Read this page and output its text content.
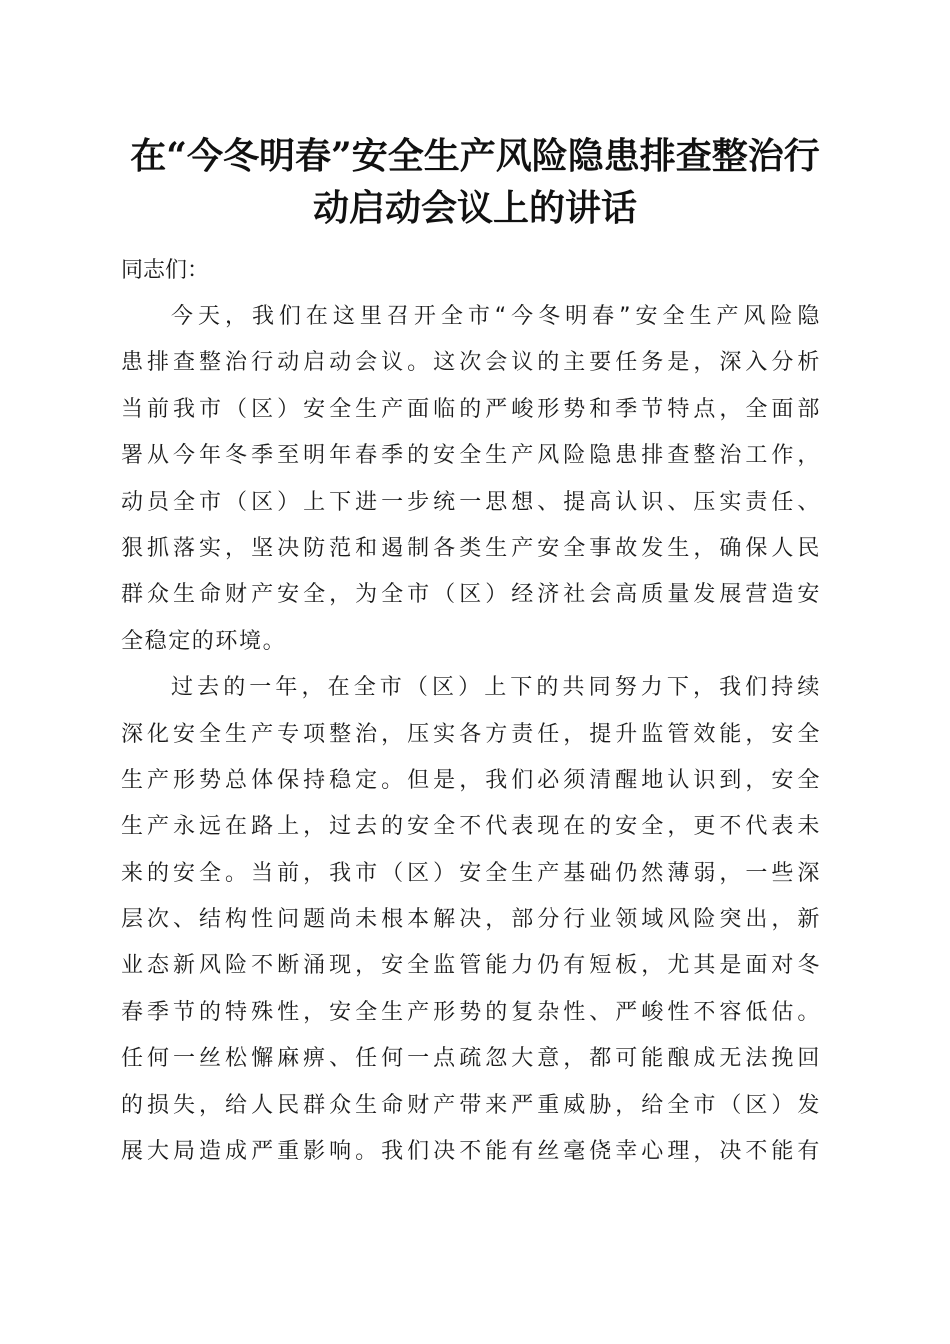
在“今冬明春”安全生产风险隐患排查整治行
动启动会议上的讲话

同志们：

今天，我们在这里召开全市“今冬明春”安全生产风险隐
患排查整治行动启动会议。这次会议的主要任务是，深入分析
当前我市（区）安全生产面临的严峻形势和季节特点，全面部
署从今年冬季至明年春季的安全生产风险隐患排查整治工作，
动员全市（区）上下进一步统一思想、提高认识、压实责任、
狠抓落实，坚决防范和遏制各类生产安全事故发生，确保人民
群众生命财产安全，为全市（区）经济社会高质量发展营造安
全稳定的环境。
过去的一年，在全市（区）上下的共同努力下，我们持续
深化安全生产专项整治，压实各方责任，提升监管效能，安全
生产形势总体保持稳定。但是，我们必须清醒地认识到，安全
生产永远在路上，过去的安全不代表现在的安全，更不代表未
来的安全。当前，我市（区）安全生产基础仍然薄弱，一些深
层次、结构性问题尚未根本解决，部分行业领域风险突出，新
业态新风险不断涌现，安全监管能力仍有短板，尤其是面对冬
春季节的特殊性，安全生产形势的复杂性、严峻性不容低估。
任何一丝松懈麻痹、任何一点疏忽大意，都可能酿成无法挽回
的损失，给人民群众生命财产带来严重威胁，给全市（区）发
展大局造成严重影响。我们决不能有丝毫侥幸心理，决不能有
